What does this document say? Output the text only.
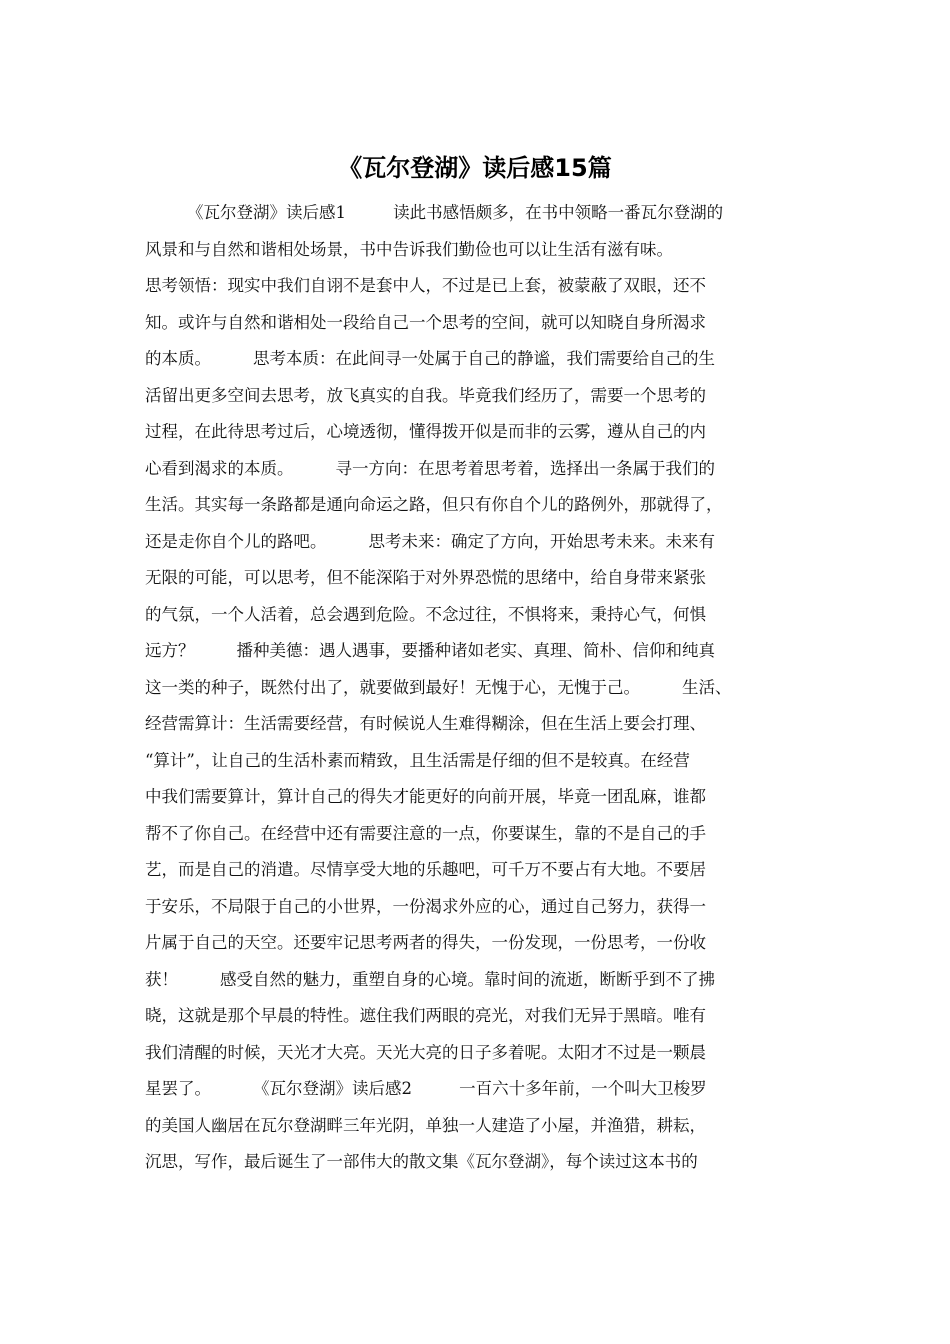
《瓦尔登湖》读后感15篇
《瓦尔登湖》读后感1         读此书感悟颇多，在书中领略一番瓦尔登湖的
风景和与自然和谐相处场景，书中告诉我们勤俭也可以让生活有滋有味。
思考领悟：现实中我们自诩不是套中人，不过是已上套，被蒙蔽了双眼，还不
知。或许与自然和谐相处一段给自己一个思考的空间，就可以知晓自身所渴求
的本质。        思考本质：在此间寻一处属于自己的静谧，我们需要给自己的生
活留出更多空间去思考，放飞真实的自我。毕竟我们经历了，需要一个思考的
过程，在此待思考过后，心境透彻，懂得拨开似是而非的云雾，遵从自己的内
心看到渴求的本质。        寻一方向：在思考着思考着，选择出一条属于我们的
生活。其实每一条路都是通向命运之路，但只有你自个儿的路例外，那就得了，
还是走你自个儿的路吧。        思考未来：确定了方向，开始思考未来。未来有
无限的可能，可以思考，但不能深陷于对外界恐慌的思绪中，给自身带来紧张
的气氛，一个人活着，总会遇到危险。不念过往，不惧将来，秉持心气，何惧
远方？        播种美德：遇人遇事，要播种诸如老实、真理、简朴、信仰和纯真
这一类的种子，既然付出了，就要做到最好！无愧于心，无愧于己。        生活、
经营需算计：生活需要经营，有时候说人生难得糊涂，但在生活上要会打理、
“算计”，让自己的生活朴素而精致，且生活需是仔细的但不是较真。在经营
中我们需要算计，算计自己的得失才能更好的向前开展，毕竟一团乱麻，谁都
帮不了你自己。在经营中还有需要注意的一点，你要谋生，靠的不是自己的手
艺，而是自己的消遣。尽情享受大地的乐趣吧，可千万不要占有大地。不要居
于安乐，不局限于自己的小世界，一份渴求外应的心，通过自己努力，获得一
片属于自己的天空。还要牢记思考两者的得失，一份发现，一份思考，一份收
获！        感受自然的魅力，重塑自身的心境。靠时间的流逝，断断乎到不了拂
晓，这就是那个早晨的特性。遮住我们两眼的亮光，对我们无异于黑暗。唯有
我们清醒的时候，天光才大亮。天光大亮的日子多着呢。太阳才不过是一颗晨
星罢了。        《瓦尔登湖》读后感2         一百六十多年前，一个叫大卫梭罗
的美国人幽居在瓦尔登湖畔三年光阴，单独一人建造了小屋，并渔猎，耕耘，
沉思，写作，最后诞生了一部伟大的散文集《瓦尔登湖》，每个读过这本书的
